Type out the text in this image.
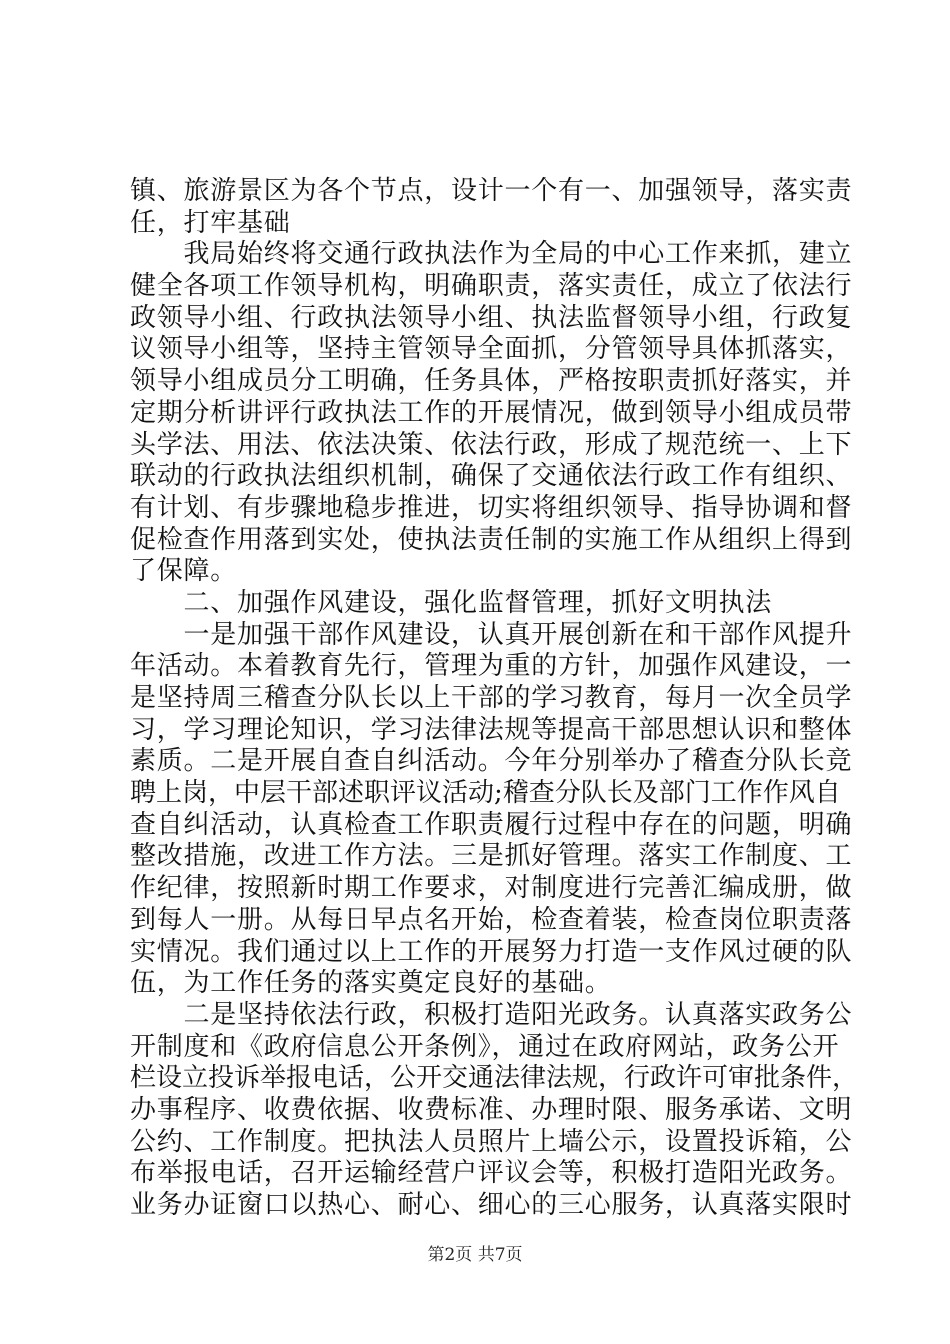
镇、旅游景区为各个节点，设计一个有一、加强领导，落实责
任，打牢基础
　　我局始终将交通行政执法作为全局的中心工作来抓，建立
健全各项工作领导机构，明确职责，落实责任，成立了依法行
政领导小组、行政执法领导小组、执法监督领导小组，行政复
议领导小组等，坚持主管领导全面抓，分管领导具体抓落实，
领导小组成员分工明确，任务具体，严格按职责抓好落实，并
定期分析讲评行政执法工作的开展情况，做到领导小组成员带
头学法、用法、依法决策、依法行政，形成了规范统一、上下
联动的行政执法组织机制，确保了交通依法行政工作有组织、
有计划、有步骤地稳步推进，切实将组织领导、指导协调和督
促检查作用落到实处，使执法责任制的实施工作从组织上得到
了保障。
　　二、加强作风建设，强化监督管理，抓好文明执法
　　一是加强干部作风建设，认真开展创新在和干部作风提升
年活动。本着教育先行，管理为重的方针，加强作风建设，一
是坚持周三稽查分队长以上干部的学习教育，每月一次全员学
习，学习理论知识，学习法律法规等提高干部思想认识和整体
素质。二是开展自查自纠活动。今年分别举办了稽查分队长竞
聘上岗，中层干部述职评议活动;稽查分队长及部门工作作风自
查自纠活动，认真检查工作职责履行过程中存在的问题，明确
整改措施，改进工作方法。三是抓好管理。落实工作制度、工
作纪律，按照新时期工作要求，对制度进行完善汇编成册，做
到每人一册。从每日早点名开始，检查着装，检查岗位职责落
实情况。我们通过以上工作的开展努力打造一支作风过硬的队
伍，为工作任务的落实奠定良好的基础。
　　二是坚持依法行政，积极打造阳光政务。认真落实政务公
开制度和《政府信息公开条例》，通过在政府网站，政务公开
栏设立投诉举报电话，公开交通法律法规，行政许可审批条件，
办事程序、收费依据、收费标准、办理时限、服务承诺、文明
公约、工作制度。把执法人员照片上墙公示，设置投诉箱，公
布举报电话，召开运输经营户评议会等，积极打造阳光政务。
业务办证窗口以热心、耐心、细心的三心服务，认真落实限时
第2页 共7页
